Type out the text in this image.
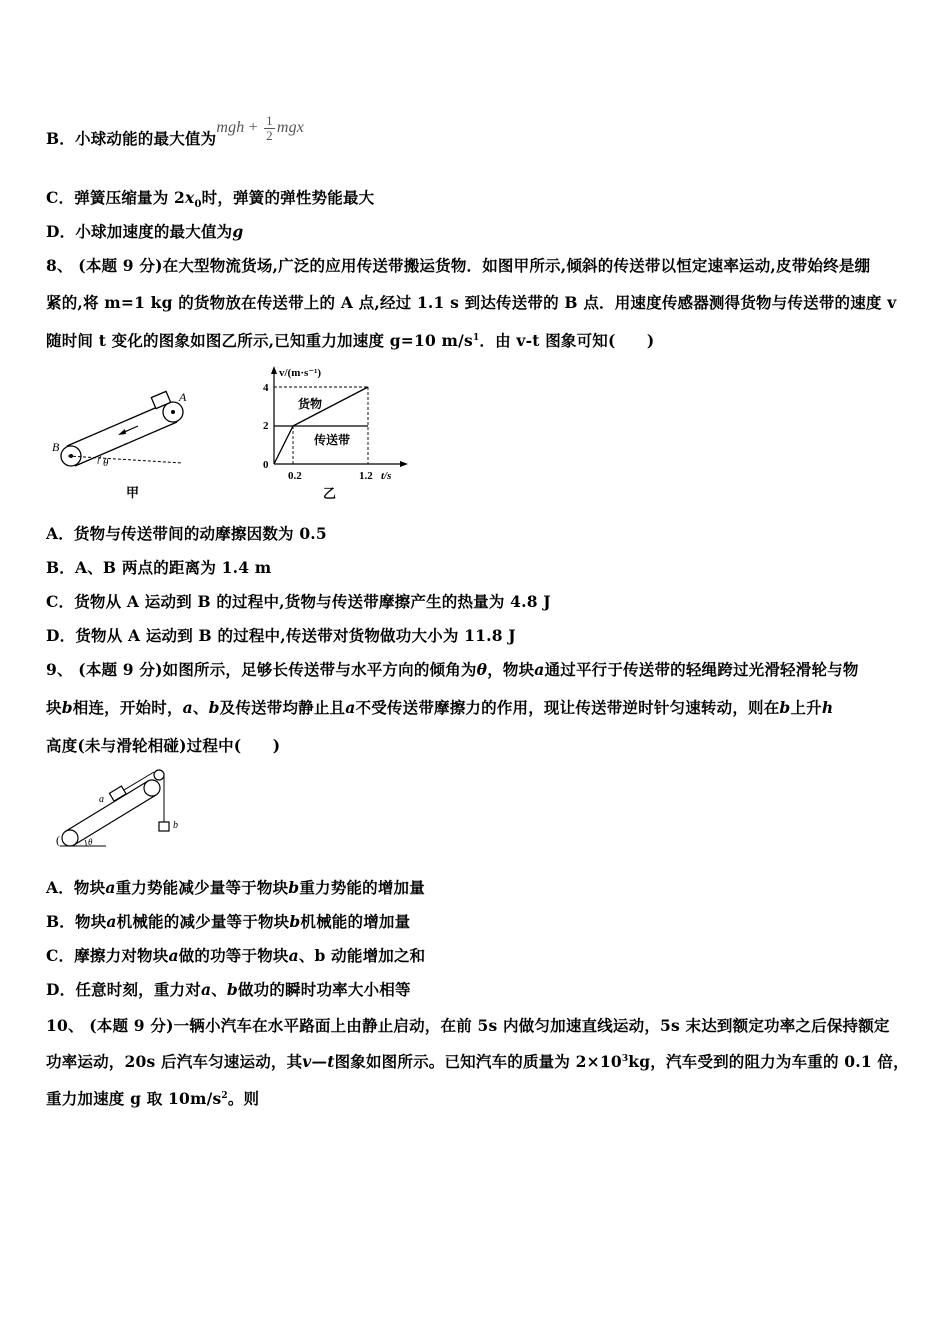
B．小球动能的最大值为mgh + $\frac{1}{2}$ mgx
C．弹簧压缩量为 $2x_0$时，弹簧的弹性势能最大
D．小球加速度的最大值为g
8、 (本题 9 分)在大型物流货场,广泛的应用传送带搬运货物．如图甲所示,倾斜的传送带以恒定速率运动,皮带始终是绷
紧的,将 m=1 kg 的货物放在传送带上的 A 点,经过 1.1 s 到达传送带的 B 点．用速度传感器测得货物与传送带的速度 v
随时间 t 变化的图象如图乙所示,已知重力加速度 g=10 $m/s^1$．由 v-t 图象可知(　　)
A
B
θ
甲
v/(m·s⁻¹)
4
2
0
货物
传送带
0.2	1.2 t/s
乙
A．货物与传送带间的动摩擦因数为 0.5
B．A、B 两点的距离为 1.4 m
C．货物从 A 运动到 B 的过程中,货物与传送带摩擦产生的热量为 4.8 J
D．货物从 A 运动到 B 的过程中,传送带对货物做功大小为 11.8 J
9、 (本题 9 分)如图所示，足够长传送带与水平方向的倾角为θ，物块a通过平行于传送带的轻绳跨过光滑轻滑轮与物
块b相连，开始时，a、b及传送带均静止且a不受传送带摩擦力的作用，现让传送带逆时针匀速转动，则在b上升h
高度(未与滑轮相碰)过程中(　　)
a
b
θ
(
A．物块a重力势能减少量等于物块b重力势能的增加量
B．物块a机械能的减少量等于物块b机械能的增加量
C．摩擦力对物块a做的功等于物块a、b 动能增加之和
D．任意时刻，重力对a、b做功的瞬时功率大小相等
10、 (本题 9 分)一辆小汽车在水平路面上由静止启动，在前 5s 内做匀加速直线运动，5s 末达到额定功率之后保持额定
功率运动，20s 后汽车匀速运动，其v—t图象如图所示。已知汽车的质量为 $2\times 10^3kg$，汽车受到的阻力为车重的 0.1 倍，
重力加速度 g 取 $10m/s^2$。则
